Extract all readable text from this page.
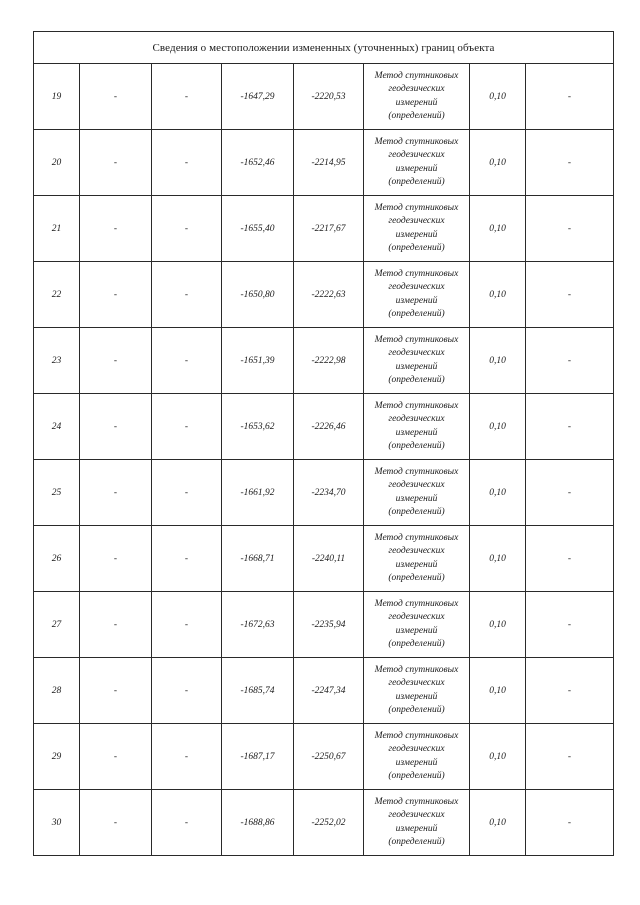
Сведения о местоположении измененных (уточненных) границ объекта							
19	-	-	-1647,29	-2220,53	Метод спутниковых
геодезических
измерений
(определений)	0,10	-
20	-	-	-1652,46	-2214,95	Метод спутниковых
геодезических
измерений
(определений)	0,10	-
21	-	-	-1655,40	-2217,67	Метод спутниковых
геодезических
измерений
(определений)	0,10	-
22	-	-	-1650,80	-2222,63	Метод спутниковых
геодезических
измерений
(определений)	0,10	-
23	-	-	-1651,39	-2222,98	Метод спутниковых
геодезических
измерений
(определений)	0,10	-
24	-	-	-1653,62	-2226,46	Метод спутниковых
геодезических
измерений
(определений)	0,10	-
25	-	-	-1661,92	-2234,70	Метод спутниковых
геодезических
измерений
(определений)	0,10	-
26	-	-	-1668,71	-2240,11	Метод спутниковых
геодезических
измерений
(определений)	0,10	-
27	-	-	-1672,63	-2235,94	Метод спутниковых
геодезических
измерений
(определений)	0,10	-
28	-	-	-1685,74	-2247,34	Метод спутниковых
геодезических
измерений
(определений)	0,10	-
29	-	-	-1687,17	-2250,67	Метод спутниковых
геодезических
измерений
(определений)	0,10	-
30	-	-	-1688,86	-2252,02	Метод спутниковых
геодезических
измерений
(определений)	0,10	-
